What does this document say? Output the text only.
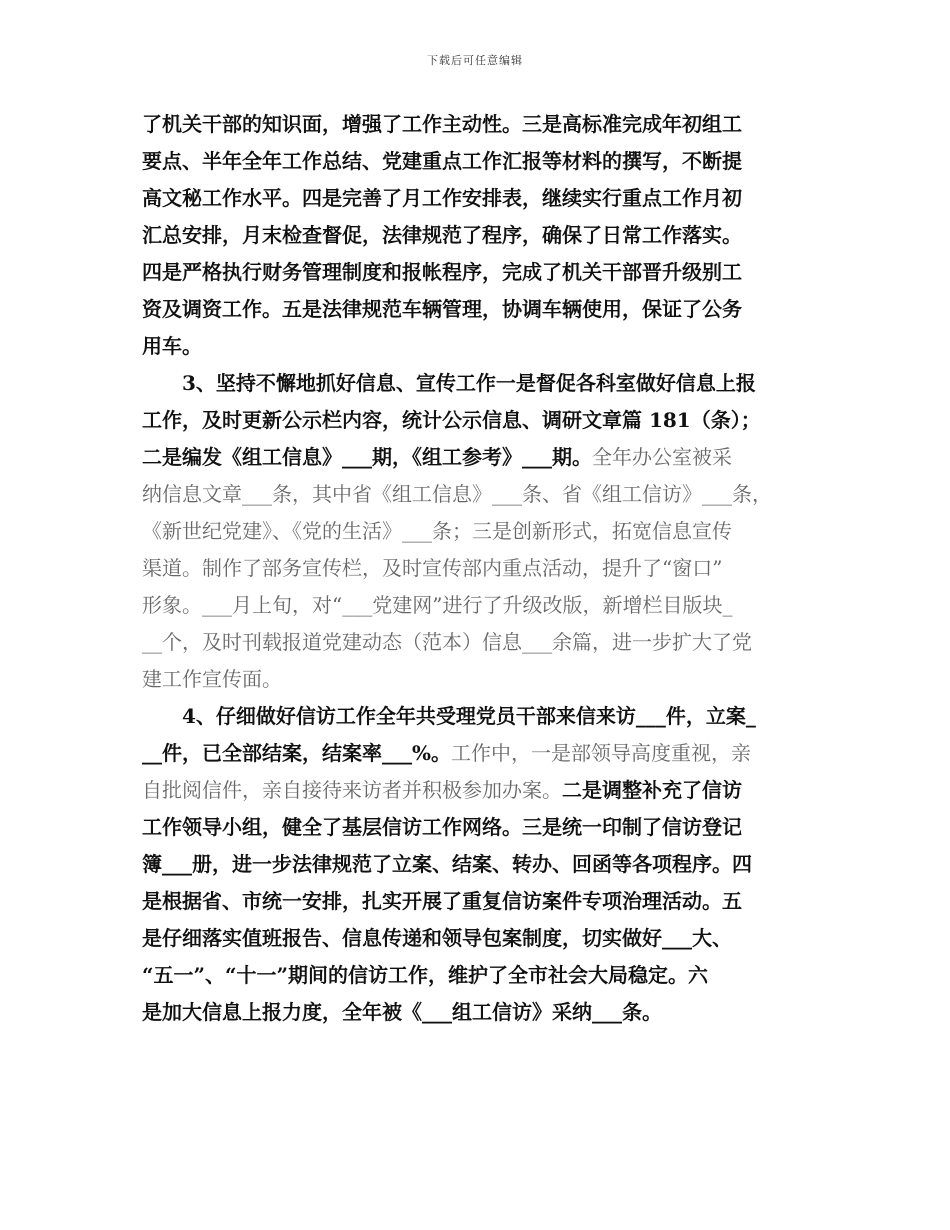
下载后可任意编辑
了机关干部的知识面，增强了工作主动性。三是高标准完成年初组工
要点、半年全年工作总结、党建重点工作汇报等材料的撰写，不断提
高文秘工作水平。四是完善了月工作安排表，继续实行重点工作月初
汇总安排，月末检查督促，法律规范了程序，确保了日常工作落实。
四是严格执行财务管理制度和报帐程序，完成了机关干部晋升级别工
资及调资工作。五是法律规范车辆管理，协调车辆使用，保证了公务
用车。
3、坚持不懈地抓好信息、宣传工作一是督促各科室做好信息上报
工作，及时更新公示栏内容，统计公示信息、调研文章篇 181（条）；
二是编发《组工信息》___期，《组工参考》___期。全年办公室被采
纳信息文章___条，其中省《组工信息》___条、省《组工信访》___条，
《新世纪党建》、《党的生活》___条；三是创新形式，拓宽信息宣传
渠道。制作了部务宣传栏，及时宣传部内重点活动，提升了“窗口”
形象。___月上旬，对“___党建网”进行了升级改版，新增栏目版块_
__个，及时刊载报道党建动态（范本）信息___余篇，进一步扩大了党
建工作宣传面。
4、仔细做好信访工作全年共受理党员干部来信来访___件，立案_
__件，已全部结案，结案率___%。工作中，一是部领导高度重视，亲
自批阅信件，亲自接待来访者并积极参加办案。二是调整补充了信访
工作领导小组，健全了基层信访工作网络。三是统一印制了信访登记
簿___册，进一步法律规范了立案、结案、转办、回函等各项程序。四
是根据省、市统一安排，扎实开展了重复信访案件专项治理活动。五
是仔细落实值班报告、信息传递和领导包案制度，切实做好___大、
“五一”、“十一”期间的信访工作，维护了全市社会大局稳定。六
是加大信息上报力度，全年被《___组工信访》采纳___条。
